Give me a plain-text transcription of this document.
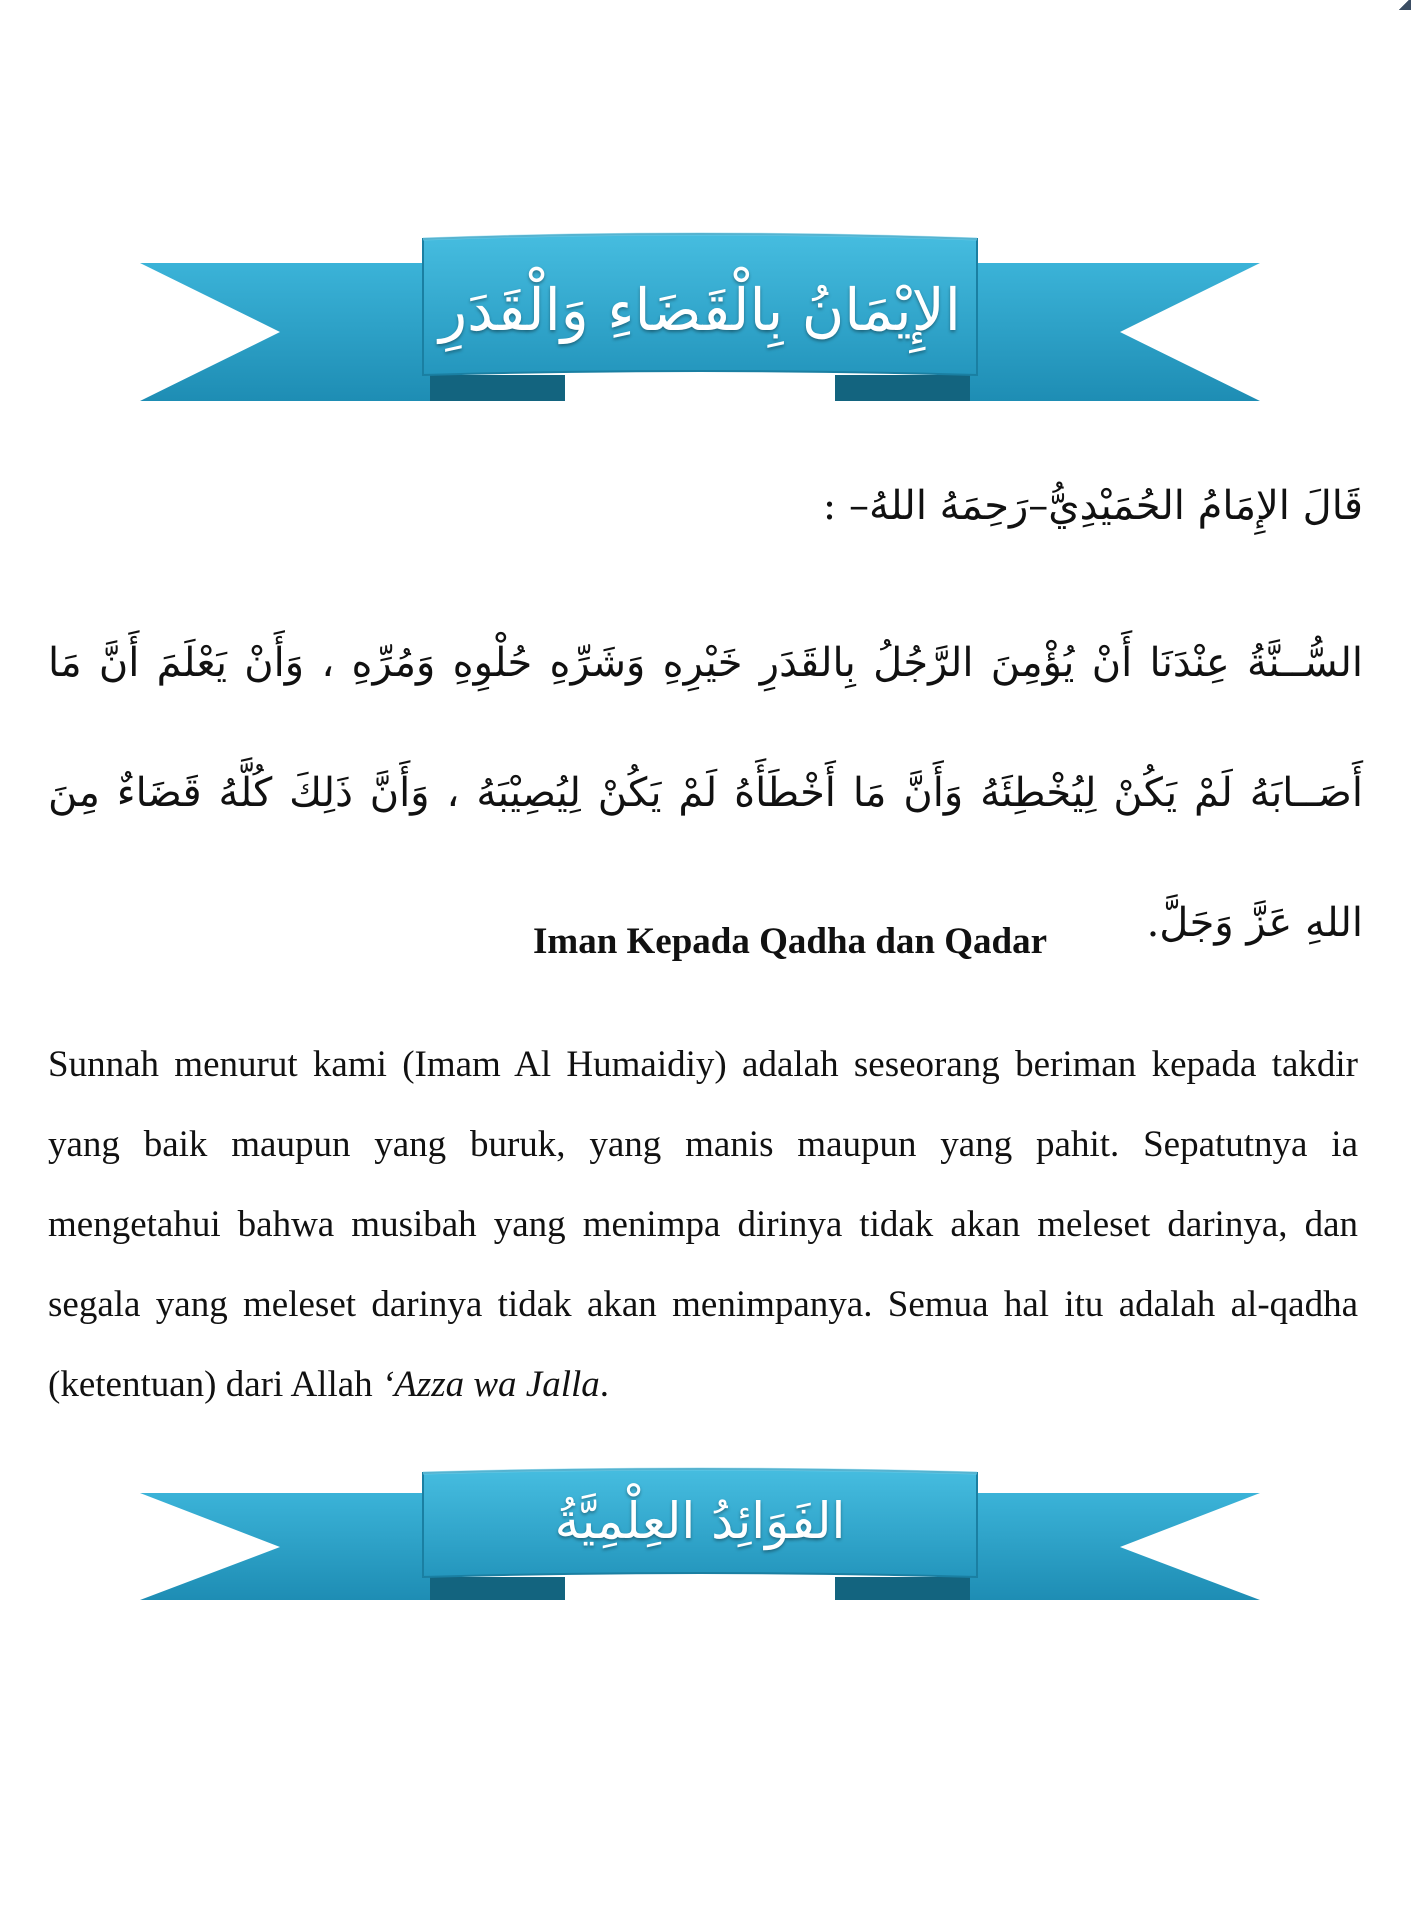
الإِيْمَانُ بِالْقَضَاءِ وَالْقَدَرِ
قَالَ الإِمَامُ الحُمَيْدِيُّ–رَحِمَهُ اللهُ– :
السُّــنَّةُ عِنْدَنَا أَنْ يُؤْمِنَ الرَّجُلُ بِالقَدَرِ خَيْرِهِ وَشَرِّهِ حُلْوِهِ وَمُرِّهِ ، وَأَنْ يَعْلَمَ أَنَّ مَا أَصَــابَهُ لَمْ يَكُنْ لِيُخْطِئَهُ وَأَنَّ مَا أَخْطَأَهُ لَمْ يَكُنْ لِيُصِيْبَهُ ، وَأَنَّ ذَلِكَ كُلَّهُ قَضَاءٌ مِنَ اللهِ عَزَّ وَجَلَّ.
Iman Kepada Qadha dan Qadar

Sunnah menurut kami (Imam Al Humaidiy) adalah seseorang beriman kepada takdir yang baik maupun yang buruk, yang manis maupun yang pahit. Sepatutnya ia mengetahui bahwa musibah yang menimpa dirinya tidak akan meleset darinya, dan segala yang meleset darinya tidak akan menimpanya. Semua hal itu adalah al-qadha (ketentuan) dari Allah ‘Azza wa Jalla.

الفَوَائِدُ العِلْمِيَّةُ
